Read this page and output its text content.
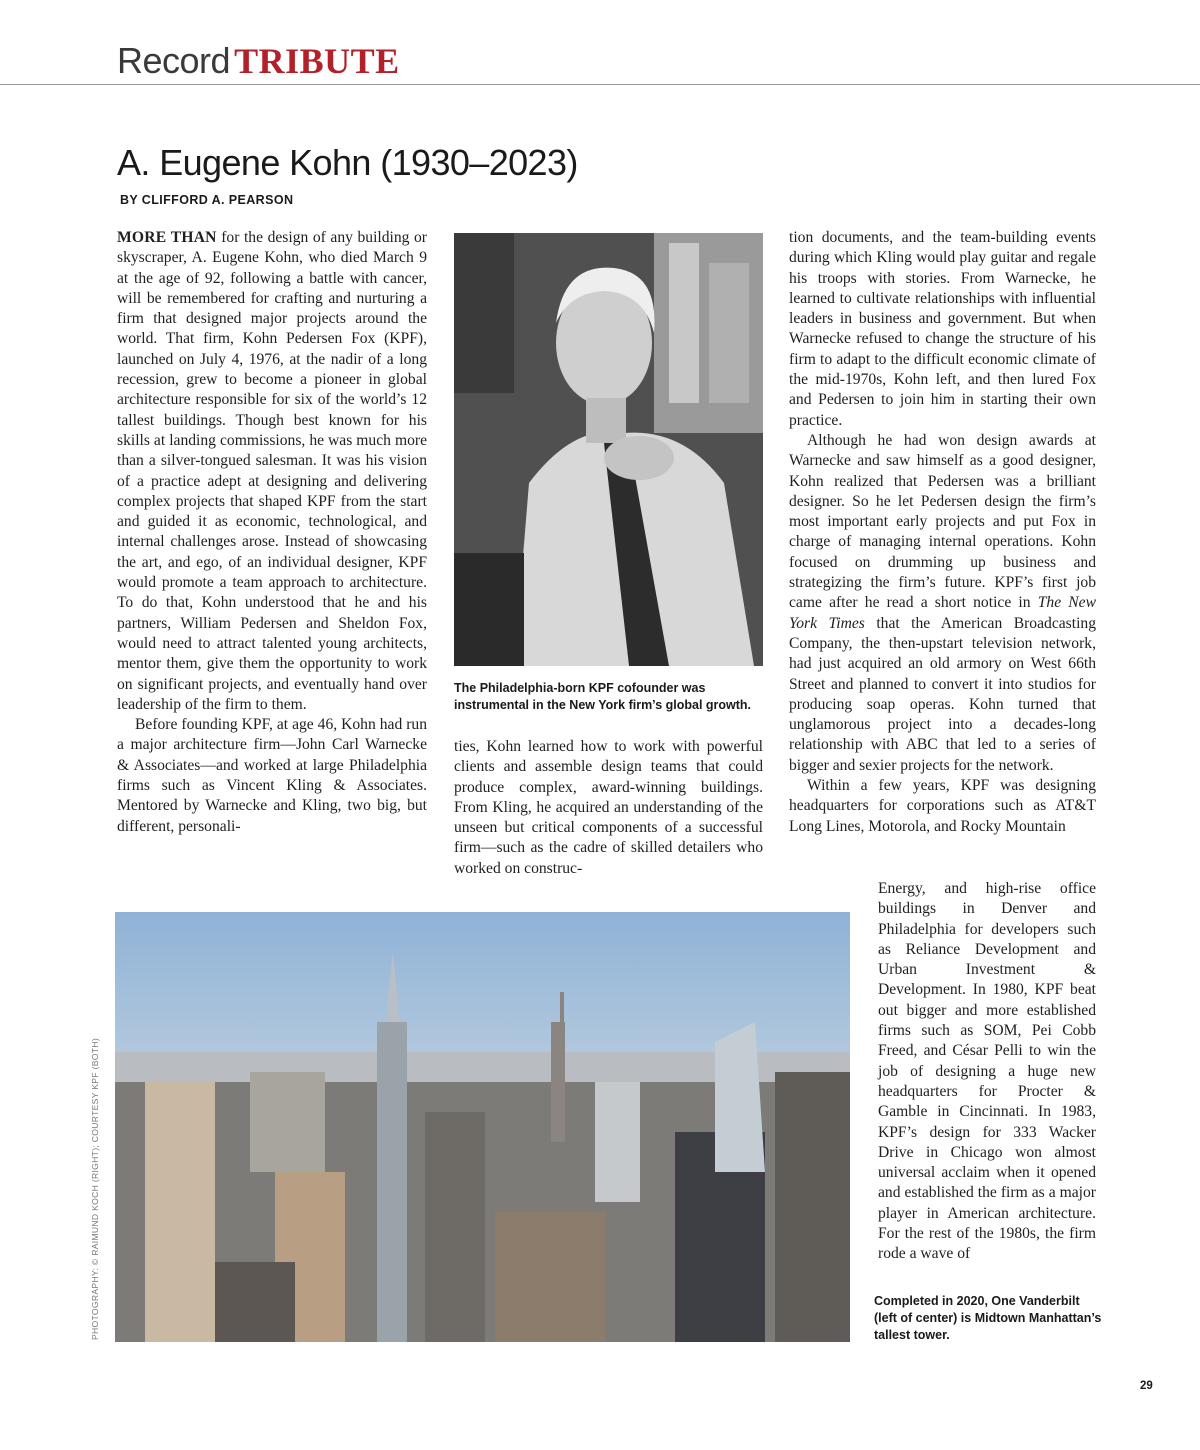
Record TRIBUTE
A. Eugene Kohn (1930–2023)
BY CLIFFORD A. PEARSON

MORE THAN for the design of any building or skyscraper, A. Eugene Kohn, who died March 9 at the age of 92, following a battle with cancer, will be remembered for crafting and nurturing a firm that designed major projects around the world. That firm, Kohn Pedersen Fox (KPF), launched on July 4, 1976, at the nadir of a long recession, grew to become a pioneer in global architecture responsible for six of the world’s 12 tallest buildings. Though best known for his skills at landing commissions, he was much more than a silver-tongued salesman. It was his vision of a practice adept at designing and delivering complex projects that shaped KPF from the start and guided it as economic, technological, and internal challenges arose. Instead of showcasing the art, and ego, of an individual designer, KPF would promote a team approach to architecture. To do that, Kohn understood that he and his partners, William Pedersen and Sheldon Fox, would need to attract talented young architects, mentor them, give them the opportunity to work on significant projects, and eventually hand over leadership of the firm to them.

Before founding KPF, at age 46, Kohn had run a major architecture firm—John Carl Warnecke & Associates—and worked at large Philadelphia firms such as Vincent Kling & Associates. Mentored by Warnecke and Kling, two big, but different, personali-

The Philadelphia-born KPF cofounder was instrumental in the New York firm’s global growth.

ties, Kohn learned how to work with powerful clients and assemble design teams that could produce complex, award-winning buildings. From Kling, he acquired an understanding of the unseen but critical components of a successful firm—such as the cadre of skilled detailers who worked on construc-

tion documents, and the team-building events during which Kling would play guitar and regale his troops with stories. From Warnecke, he learned to cultivate relationships with influential leaders in business and government. But when Warnecke refused to change the structure of his firm to adapt to the difficult economic climate of the mid-1970s, Kohn left, and then lured Fox and Pedersen to join him in starting their own practice.

Although he had won design awards at Warnecke and saw himself as a good designer, Kohn realized that Pedersen was a brilliant designer. So he let Pedersen design the firm’s most important early projects and put Fox in charge of managing internal operations. Kohn focused on drumming up business and strategizing the firm’s future. KPF’s first job came after he read a short notice in The New York Times that the American Broadcasting Company, the then-upstart television network, had just acquired an old armory on West 66th Street and planned to convert it into studios for producing soap operas. Kohn turned that unglamorous project into a decades-long relationship with ABC that led to a series of bigger and sexier projects for the network.

Within a few years, KPF was designing headquarters for corporations such as AT&T Long Lines, Motorola, and Rocky Mountain

Energy, and high-rise office buildings in Denver and Philadelphia for developers such as Reliance Development and Urban Investment & Development. In 1980, KPF beat out bigger and more established firms such as SOM, Pei Cobb Freed, and César Pelli to win the job of designing a huge new headquarters for Procter & Gamble in Cincinnati. In 1983, KPF’s design for 333 Wacker Drive in Chicago won almost universal acclaim when it opened and established the firm as a major player in American architecture. For the rest of the 1980s, the firm rode a wave of

Completed in 2020, One Vanderbilt (left of center) is Midtown Manhattan’s tallest tower.
PHOTOGRAPHY: © RAIMUND KOCH (RIGHT); COURTESY KPF (BOTH)
29
